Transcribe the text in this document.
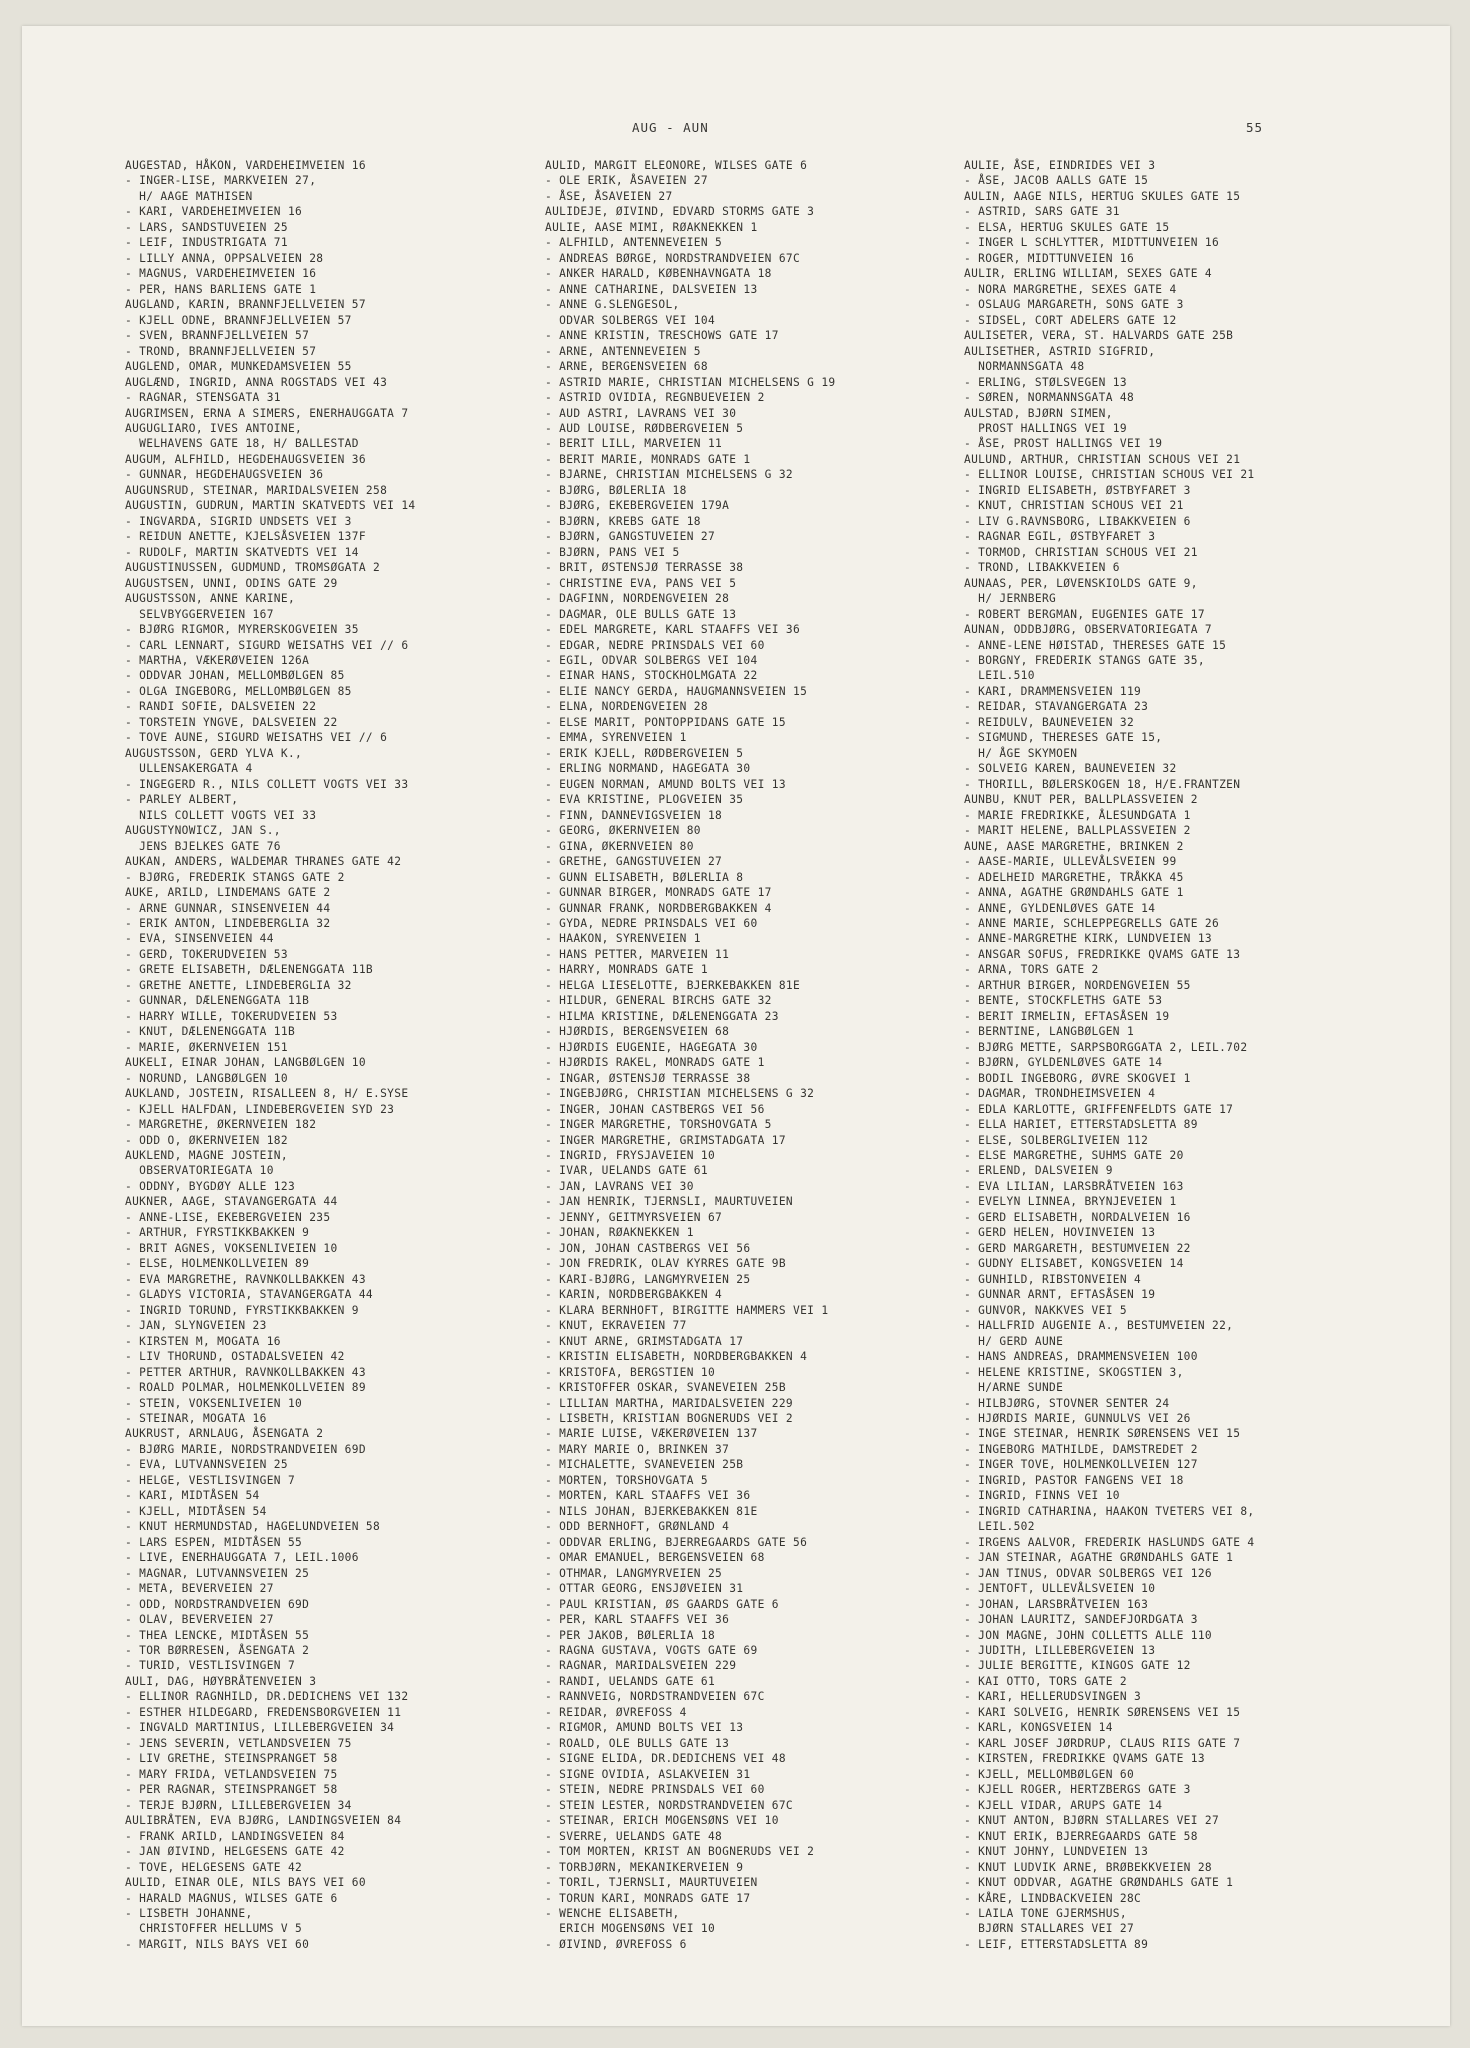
AUG - AUN	55
AUGESTAD, HÅKON, VARDEHEIMVEIEN 16
- INGER-LISE, MARKVEIEN 27,
H/ AAGE MATHISEN
- KARI, VARDEHEIMVEIEN 16
- LARS, SANDSTUVEIEN 25
- LEIF, INDUSTRIGATA 71
- LILLY ANNA, OPPSALVEIEN 28
- MAGNUS, VARDEHEIMVEIEN 16
- PER, HANS BARLIENS GATE 1
AUGLAND, KARIN, BRANNFJELLVEIEN 57
- KJELL ODNE, BRANNFJELLVEIEN 57
- SVEN, BRANNFJELLVEIEN 57
- TROND, BRANNFJELLVEIEN 57
AUGLEND, OMAR, MUNKEDAMSVEIEN 55
AUGLÆND, INGRID, ANNA ROGSTADS VEI 43
- RAGNAR, STENSGATA 31
AUGRIMSEN, ERNA A SIMERS, ENERHAUGGATA 7
AUGUGLIARO, IVES ANTOINE,
WELHAVENS GATE 18, H/ BALLESTAD
AUGUM, ALFHILD, HEGDEHAUGSVEIEN 36
- GUNNAR, HEGDEHAUGSVEIEN 36
AUGUNSRUD, STEINAR, MARIDALSVEIEN 258
AUGUSTIN, GUDRUN, MARTIN SKATVEDTS VEI 14
- INGVARDA, SIGRID UNDSETS VEI 3
- REIDUN ANETTE, KJELSÅSVEIEN 137F
- RUDOLF, MARTIN SKATVEDTS VEI 14
AUGUSTINUSSEN, GUDMUND, TROMSØGATA 2
AUGUSTSEN, UNNI, ODINS GATE 29
AUGUSTSSON, ANNE KARINE,
SELVBYGGERVEIEN 167
- BJØRG RIGMOR, MYRERSKOGVEIEN 35
- CARL LENNART, SIGURD WEISATHS VEI // 6
- MARTHA, VÆKERØVEIEN 126A
- ODDVAR JOHAN, MELLOMBØLGEN 85
- OLGA INGEBORG, MELLOMBØLGEN 85
- RANDI SOFIE, DALSVEIEN 22
- TORSTEIN YNGVE, DALSVEIEN 22
- TOVE AUNE, SIGURD WEISATHS VEI // 6
AUGUSTSSON, GERD YLVA K.,
ULLENSAKERGATA 4
- INGEGERD R., NILS COLLETT VOGTS VEI 33
- PARLEY ALBERT,
NILS COLLETT VOGTS VEI 33
AUGUSTYNOWICZ, JAN S.,
JENS BJELKES GATE 76
AUKAN, ANDERS, WALDEMAR THRANES GATE 42
- BJØRG, FREDERIK STANGS GATE 2
AUKE, ARILD, LINDEMANS GATE 2
- ARNE GUNNAR, SINSENVEIEN 44
- ERIK ANTON, LINDEBERGLIA 32
- EVA, SINSENVEIEN 44
- GERD, TOKERUDVEIEN 53
- GRETE ELISABETH, DÆLENENGGATA 11B
- GRETHE ANETTE, LINDEBERGLIA 32
- GUNNAR, DÆLENENGGATA 11B
- HARRY WILLE, TOKERUDVEIEN 53
- KNUT, DÆLENENGGATA 11B
- MARIE, ØKERNVEIEN 151
AUKELI, EINAR JOHAN, LANGBØLGEN 10
- NORUND, LANGBØLGEN 10
AUKLAND, JOSTEIN, RISALLEEN 8, H/ E.SYSE
- KJELL HALFDAN, LINDEBERGVEIEN SYD 23
- MARGRETHE, ØKERNVEIEN 182
- ODD O, ØKERNVEIEN 182
AUKLEND, MAGNE JOSTEIN,
OBSERVATORIEGATA 10
- ODDNY, BYGDØY ALLE 123
AUKNER, AAGE, STAVANGERGATA 44
- ANNE-LISE, EKEBERGVEIEN 235
- ARTHUR, FYRSTIKKBAKKEN 9
- BRIT AGNES, VOKSENLIVEIEN 10
- ELSE, HOLMENKOLLVEIEN 89
- EVA MARGRETHE, RAVNKOLLBAKKEN 43
- GLADYS VICTORIA, STAVANGERGATA 44
- INGRID TORUND, FYRSTIKKBAKKEN 9
- JAN, SLYNGVEIEN 23
- KIRSTEN M, MOGATA 16
- LIV THORUND, OSTADALSVEIEN 42
- PETTER ARTHUR, RAVNKOLLBAKKEN 43
- ROALD POLMAR, HOLMENKOLLVEIEN 89
- STEIN, VOKSENLIVEIEN 10
- STEINAR, MOGATA 16
AUKRUST, ARNLAUG, ÅSENGATA 2
- BJØRG MARIE, NORDSTRANDVEIEN 69D
- EVA, LUTVANNSVEIEN 25
- HELGE, VESTLISVINGEN 7
- KARI, MIDTÅSEN 54
- KJELL, MIDTÅSEN 54
- KNUT HERMUNDSTAD, HAGELUNDVEIEN 58
- LARS ESPEN, MIDTÅSEN 55
- LIVE, ENERHAUGGATA 7, LEIL.1006
- MAGNAR, LUTVANNSVEIEN 25
- META, BEVERVEIEN 27
- ODD, NORDSTRANDVEIEN 69D
- OLAV, BEVERVEIEN 27
- THEA LENCKE, MIDTÅSEN 55
- TOR BØRRESEN, ÅSENGATA 2
- TURID, VESTLISVINGEN 7
AULI, DAG, HØYBRÅTENVEIEN 3
- ELLINOR RAGNHILD, DR.DEDICHENS VEI 132
- ESTHER HILDEGARD, FREDENSBORGVEIEN 11
- INGVALD MARTINIUS, LILLEBERGVEIEN 34
- JENS SEVERIN, VETLANDSVEIEN 75
- LIV GRETHE, STEINSPRANGET 58
- MARY FRIDA, VETLANDSVEIEN 75
- PER RAGNAR, STEINSPRANGET 58
- TERJE BJØRN, LILLEBERGVEIEN 34
AULIBRÅTEN, EVA BJØRG, LANDINGSVEIEN 84
- FRANK ARILD, LANDINGSVEIEN 84
- JAN ØIVIND, HELGESENS GATE 42
- TOVE, HELGESENS GATE 42
AULID, EINAR OLE, NILS BAYS VEI 60
- HARALD MAGNUS, WILSES GATE 6
- LISBETH JOHANNE,
CHRISTOFFER HELLUMS V 5
- MARGIT, NILS BAYS VEI 60
AULID, MARGIT ELEONORE, WILSES GATE 6
- OLE ERIK, ÅSAVEIEN 27
- ÅSE, ÅSAVEIEN 27
AULIDEJE, ØIVIND, EDVARD STORMS GATE 3
AULIE, AASE MIMI, RØAKNEKKEN 1
- ALFHILD, ANTENNEVEIEN 5
- ANDREAS BØRGE, NORDSTRANDVEIEN 67C
- ANKER HARALD, KØBENHAVNGATA 18
- ANNE CATHARINE, DALSVEIEN 13
- ANNE G.SLENGESOL,
ODVAR SOLBERGS VEI 104
- ANNE KRISTIN, TRESCHOWS GATE 17
- ARNE, ANTENNEVEIEN 5
- ARNE, BERGENSVEIEN 68
- ASTRID MARIE, CHRISTIAN MICHELSENS G 19
- ASTRID OVIDIA, REGNBUEVEIEN 2
- AUD ASTRI, LAVRANS VEI 30
- AUD LOUISE, RØDBERGVEIEN 5
- BERIT LILL, MARVEIEN 11
- BERIT MARIE, MONRADS GATE 1
- BJARNE, CHRISTIAN MICHELSENS G 32
- BJØRG, BØLERLIA 18
- BJØRG, EKEBERGVEIEN 179A
- BJØRN, KREBS GATE 18
- BJØRN, GANGSTUVEIEN 27
- BJØRN, PANS VEI 5
- BRIT, ØSTENSJØ TERRASSE 38
- CHRISTINE EVA, PANS VEI 5
- DAGFINN, NORDENGVEIEN 28
- DAGMAR, OLE BULLS GATE 13
- EDEL MARGRETE, KARL STAAFFS VEI 36
- EDGAR, NEDRE PRINSDALS VEI 60
- EGIL, ODVAR SOLBERGS VEI 104
- EINAR HANS, STOCKHOLMGATA 22
- ELIE NANCY GERDA, HAUGMANNSVEIEN 15
- ELNA, NORDENGVEIEN 28
- ELSE MARIT, PONTOPPIDANS GATE 15
- EMMA, SYRENVEIEN 1
- ERIK KJELL, RØDBERGVEIEN 5
- ERLING NORMAND, HAGEGATA 30
- EUGEN NORMAN, AMUND BOLTS VEI 13
- EVA KRISTINE, PLOGVEIEN 35
- FINN, DANNEVIGSVEIEN 18
- GEORG, ØKERNVEIEN 80
- GINA, ØKERNVEIEN 80
- GRETHE, GANGSTUVEIEN 27
- GUNN ELISABETH, BØLERLIA 8
- GUNNAR BIRGER, MONRADS GATE 17
- GUNNAR FRANK, NORDBERGBAKKEN 4
- GYDA, NEDRE PRINSDALS VEI 60
- HAAKON, SYRENVEIEN 1
- HANS PETTER, MARVEIEN 11
- HARRY, MONRADS GATE 1
- HELGA LIESELOTTE, BJERKEBAKKEN 81E
- HILDUR, GENERAL BIRCHS GATE 32
- HILMA KRISTINE, DÆLENENGGATA 23
- HJØRDIS, BERGENSVEIEN 68
- HJØRDIS EUGENIE, HAGEGATA 30
- HJØRDIS RAKEL, MONRADS GATE 1
- INGAR, ØSTENSJØ TERRASSE 38
- INGEBJØRG, CHRISTIAN MICHELSENS G 32
- INGER, JOHAN CASTBERGS VEI 56
- INGER MARGRETHE, TORSHOVGATA 5
- INGER MARGRETHE, GRIMSTADGATA 17
- INGRID, FRYSJAVEIEN 10
- IVAR, UELANDS GATE 61
- JAN, LAVRANS VEI 30
- JAN HENRIK, TJERNSLI, MAURTUVEIEN
- JENNY, GEITMYRSVEIEN 67
- JOHAN, RØAKNEKKEN 1
- JON, JOHAN CASTBERGS VEI 56
- JON FREDRIK, OLAV KYRRES GATE 9B
- KARI-BJØRG, LANGMYRVEIEN 25
- KARIN, NORDBERGBAKKEN 4
- KLARA BERNHOFT, BIRGITTE HAMMERS VEI 1
- KNUT, EKRAVEIEN 77
- KNUT ARNE, GRIMSTADGATA 17
- KRISTIN ELISABETH, NORDBERGBAKKEN 4
- KRISTOFA, BERGSTIEN 10
- KRISTOFFER OSKAR, SVANEVEIEN 25B
- LILLIAN MARTHA, MARIDALSVEIEN 229
- LISBETH, KRISTIAN BOGNERUDS VEI 2
- MARIE LUISE, VÆKERØVEIEN 137
- MARY MARIE O, BRINKEN 37
- MICHALETTE, SVANEVEIEN 25B
- MORTEN, TORSHOVGATA 5
- MORTEN, KARL STAAFFS VEI 36
- NILS JOHAN, BJERKEBAKKEN 81E
- ODD BERNHOFT, GRØNLAND 4
- ODDVAR ERLING, BJERREGAARDS GATE 56
- OMAR EMANUEL, BERGENSVEIEN 68
- OTHMAR, LANGMYRVEIEN 25
- OTTAR GEORG, ENSJØVEIEN 31
- PAUL KRISTIAN, ØS GAARDS GATE 6
- PER, KARL STAAFFS VEI 36
- PER JAKOB, BØLERLIA 18
- RAGNA GUSTAVA, VOGTS GATE 69
- RAGNAR, MARIDALSVEIEN 229
- RANDI, UELANDS GATE 61
- RANNVEIG, NORDSTRANDVEIEN 67C
- REIDAR, ØVREFOSS 4
- RIGMOR, AMUND BOLTS VEI 13
- ROALD, OLE BULLS GATE 13
- SIGNE ELIDA, DR.DEDICHENS VEI 48
- SIGNE OVIDIA, ASLAKVEIEN 31
- STEIN, NEDRE PRINSDALS VEI 60
- STEIN LESTER, NORDSTRANDVEIEN 67C
- STEINAR, ERICH MOGENSØNS VEI 10
- SVERRE, UELANDS GATE 48
- TOM MORTEN, KRIST AN BOGNERUDS VEI 2
- TORBJØRN, MEKANIKERVEIEN 9
- TORIL, TJERNSLI, MAURTUVEIEN
- TORUN KARI, MONRADS GATE 17
- WENCHE ELISABETH,
ERICH MOGENSØNS VEI 10
- ØIVIND, ØVREFOSS 6
AULIE, ÅSE, EINDRIDES VEI 3
- ÅSE, JACOB AALLS GATE 15
AULIN, AAGE NILS, HERTUG SKULES GATE 15
- ASTRID, SARS GATE 31
- ELSA, HERTUG SKULES GATE 15
- INGER L SCHLYTTER, MIDTTUNVEIEN 16
- ROGER, MIDTTUNVEIEN 16
AULIR, ERLING WILLIAM, SEXES GATE 4
- NORA MARGRETHE, SEXES GATE 4
- OSLAUG MARGARETH, SONS GATE 3
- SIDSEL, CORT ADELERS GATE 12
AULISETER, VERA, ST. HALVARDS GATE 25B
AULISETHER, ASTRID SIGFRID,
NORMANNSGATA 48
- ERLING, STØLSVEGEN 13
- SØREN, NORMANNSGATA 48
AULSTAD, BJØRN SIMEN,
PROST HALLINGS VEI 19
- ÅSE, PROST HALLINGS VEI 19
AULUND, ARTHUR, CHRISTIAN SCHOUS VEI 21
- ELLINOR LOUISE, CHRISTIAN SCHOUS VEI 21
- INGRID ELISABETH, ØSTBYFARET 3
- KNUT, CHRISTIAN SCHOUS VEI 21
- LIV G.RAVNSBORG, LIBAKKVEIEN 6
- RAGNAR EGIL, ØSTBYFARET 3
- TORMOD, CHRISTIAN SCHOUS VEI 21
- TROND, LIBAKKVEIEN 6
AUNAAS, PER, LØVENSKIOLDS GATE 9,
H/ JERNBERG
- ROBERT BERGMAN, EUGENIES GATE 17
AUNAN, ODDBJØRG, OBSERVATORIEGATA 7
- ANNE-LENE HØISTAD, THERESES GATE 15
- BORGNY, FREDERIK STANGS GATE 35,
LEIL.510
- KARI, DRAMMENSVEIEN 119
- REIDAR, STAVANGERGATA 23
- REIDULV, BAUNEVEIEN 32
- SIGMUND, THERESES GATE 15,
H/ ÅGE SKYMOEN
- SOLVEIG KAREN, BAUNEVEIEN 32
- THORILL, BØLERSKOGEN 18, H/E.FRANTZEN
AUNBU, KNUT PER, BALLPLASSVEIEN 2
- MARIE FREDRIKKE, ÅLESUNDGATA 1
- MARIT HELENE, BALLPLASSVEIEN 2
AUNE, AASE MARGRETHE, BRINKEN 2
- AASE-MARIE, ULLEVÅLSVEIEN 99
- ADELHEID MARGRETHE, TRÅKKA 45
- ANNA, AGATHE GRØNDAHLS GATE 1
- ANNE, GYLDENLØVES GATE 14
- ANNE MARIE, SCHLEPPEGRELLS GATE 26
- ANNE-MARGRETHE KIRK, LUNDVEIEN 13
- ANSGAR SOFUS, FREDRIKKE QVAMS GATE 13
- ARNA, TORS GATE 2
- ARTHUR BIRGER, NORDENGVEIEN 55
- BENTE, STOCKFLETHS GATE 53
- BERIT IRMELIN, EFTASÅSEN 19
- BERNTINE, LANGBØLGEN 1
- BJØRG METTE, SARPSBORGGATA 2, LEIL.702
- BJØRN, GYLDENLØVES GATE 14
- BODIL INGEBORG, ØVRE SKOGVEI 1
- DAGMAR, TRONDHEIMSVEIEN 4
- EDLA KARLOTTE, GRIFFENFELDTS GATE 17
- ELLA HARIET, ETTERSTADSLETTA 89
- ELSE, SOLBERGLIVEIEN 112
- ELSE MARGRETHE, SUHMS GATE 20
- ERLEND, DALSVEIEN 9
- EVA LILIAN, LARSBRÅTVEIEN 163
- EVELYN LINNEA, BRYNJEVEIEN 1
- GERD ELISABETH, NORDALVEIEN 16
- GERD HELEN, HOVINVEIEN 13
- GERD MARGARETH, BESTUMVEIEN 22
- GUDNY ELISABET, KONGSVEIEN 14
- GUNHILD, RIBSTONVEIEN 4
- GUNNAR ARNT, EFTASÅSEN 19
- GUNVOR, NAKKVES VEI 5
- HALLFRID AUGENIE A., BESTUMVEIEN 22,
H/ GERD AUNE
- HANS ANDREAS, DRAMMENSVEIEN 100
- HELENE KRISTINE, SKOGSTIEN 3,
H/ARNE SUNDE
- HILBJØRG, STOVNER SENTER 24
- HJØRDIS MARIE, GUNNULVS VEI 26
- INGE STEINAR, HENRIK SØRENSENS VEI 15
- INGEBORG MATHILDE, DAMSTREDET 2
- INGER TOVE, HOLMENKOLLVEIEN 127
- INGRID, PASTOR FANGENS VEI 18
- INGRID, FINNS VEI 10
- INGRID CATHARINA, HAAKON TVETERS VEI 8,
LEIL.502
- IRGENS AALVOR, FREDERIK HASLUNDS GATE 4
- JAN STEINAR, AGATHE GRØNDAHLS GATE 1
- JAN TINUS, ODVAR SOLBERGS VEI 126
- JENTOFT, ULLEVÅLSVEIEN 10
- JOHAN, LARSBRÅTVEIEN 163
- JOHAN LAURITZ, SANDEFJORDGATA 3
- JON MAGNE, JOHN COLLETTS ALLE 110
- JUDITH, LILLEBERGVEIEN 13
- JULIE BERGITTE, KINGOS GATE 12
- KAI OTTO, TORS GATE 2
- KARI, HELLERUDSVINGEN 3
- KARI SOLVEIG, HENRIK SØRENSENS VEI 15
- KARL, KONGSVEIEN 14
- KARL JOSEF JØRDRUP, CLAUS RIIS GATE 7
- KIRSTEN, FREDRIKKE QVAMS GATE 13
- KJELL, MELLOMBØLGEN 60
- KJELL ROGER, HERTZBERGS GATE 3
- KJELL VIDAR, ARUPS GATE 14
- KNUT ANTON, BJØRN STALLARES VEI 27
- KNUT ERIK, BJERREGAARDS GATE 58
- KNUT JOHNY, LUNDVEIEN 13
- KNUT LUDVIK ARNE, BRØBEKKVEIEN 28
- KNUT ODDVAR, AGATHE GRØNDAHLS GATE 1
- KÅRE, LINDBACKVEIEN 28C
- LAILA TONE GJERMSHUS,
BJØRN STALLARES VEI 27
- LEIF, ETTERSTADSLETTA 89
